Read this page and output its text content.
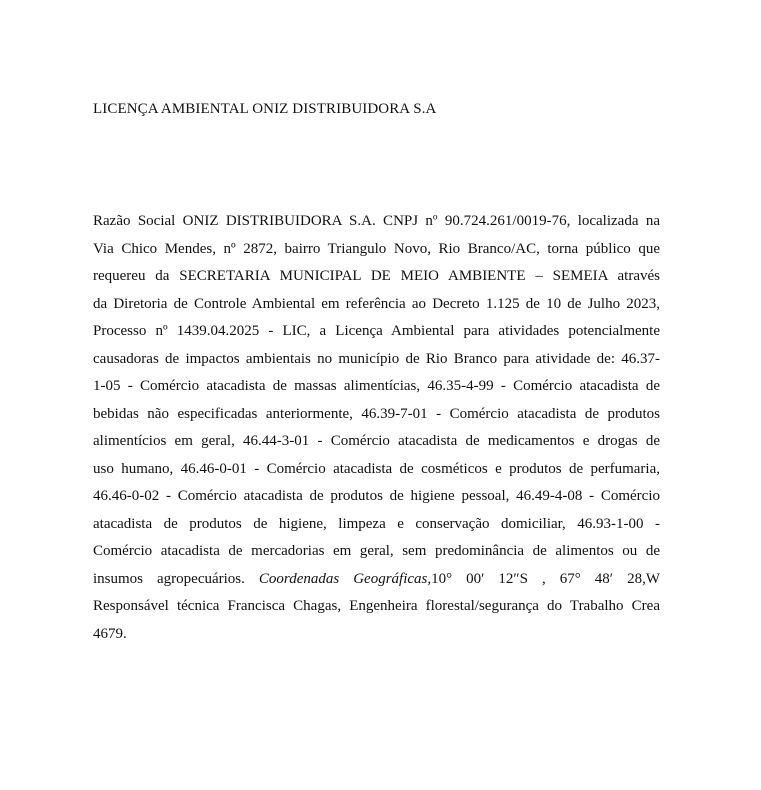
LICENÇA AMBIENTAL ONIZ DISTRIBUIDORA S.A
Razão Social ONIZ DISTRIBUIDORA S.A. CNPJ nº 90.724.261/0019-76, localizada na
Via Chico Mendes, nº 2872, bairro Triangulo Novo, Rio Branco/AC, torna público que
requereu da SECRETARIA MUNICIPAL DE MEIO AMBIENTE – SEMEIA através
da Diretoria de Controle Ambiental em referência ao Decreto 1.125 de 10 de Julho 2023,
Processo nº 1439.04.2025 - LIC, a Licença Ambiental para atividades potencialmente
causadoras de impactos ambientais no município de Rio Branco para atividade de: 46.37-
1-05 - Comércio atacadista de massas alimentícias, 46.35-4-99 - Comércio atacadista de
bebidas não especificadas anteriormente, 46.39-7-01 - Comércio atacadista de produtos
alimentícios em geral, 46.44-3-01 - Comércio atacadista de medicamentos e drogas de
uso humano, 46.46-0-01 - Comércio atacadista de cosméticos e produtos de perfumaria,
46.46-0-02 - Comércio atacadista de produtos de higiene pessoal, 46.49-4-08 - Comércio
atacadista de produtos de higiene, limpeza e conservação domiciliar, 46.93-1-00 -
Comércio atacadista de mercadorias em geral, sem predominância de alimentos ou de
insumos agropecuários. Coordenadas Geográficas,10° 00′ 12″S , 67° 48′ 28,W
Responsável técnica Francisca Chagas, Engenheira florestal/segurança do Trabalho Crea
4679.
